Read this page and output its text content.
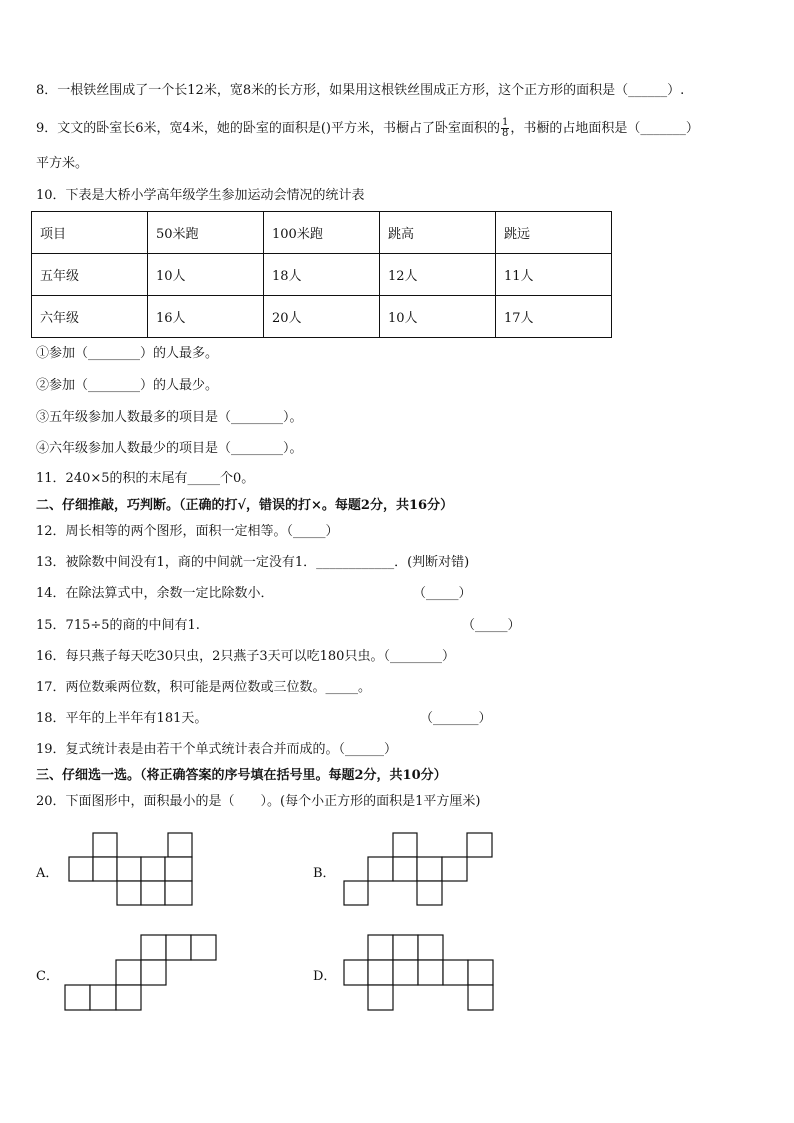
8．一根铁丝围成了一个长12米，宽8米的长方形，如果用这根铁丝围成正方形，这个正方形的面积是（______）.
9．文文的卧室长6米，宽4米，她的卧室的面积是()平方米，书橱占了卧室面积的 $\frac{1}{8}$ ，书橱的占地面积是（_______）
平方米。
10．下表是大桥小学高年级学生参加运动会情况的统计表
项目	50米跑	100米跑	跳高	跳远
五年级	10人	18人	12人	11人
六年级	16人	20人	10人	17人
①参加（________）的人最多。
②参加（________）的人最少。
③五年级参加人数最多的项目是（________）。
④六年级参加人数最少的项目是（________）。
11．240×5的积的末尾有_____个0。
二、仔细推敲，巧判断。（正确的打√，错误的打×。每题2分，共16分）
12．周长相等的两个图形，面积一定相等。（_____）
13．被除数中间没有1，商的中间就一定没有1．____________．(判断对错)
14．在除法算式中，余数一定比除数小．	（_____）
15．715÷5的商的中间有1.	（_____）
16．每只燕子每天吃30只虫，2只燕子3天可以吃180只虫。（________）
17．两位数乘两位数，积可能是两位数或三位数。_____。
18．平年的上半年有181天。	（_______）
19．复式统计表是由若干个单式统计表合并而成的。（______）
三、仔细选一选。（将正确答案的序号填在括号里。每题2分，共10分）
20．下面图形中，面积最小的是（　　）。(每个小正方形的面积是1平方厘米)
A．	B．
C．	D．
